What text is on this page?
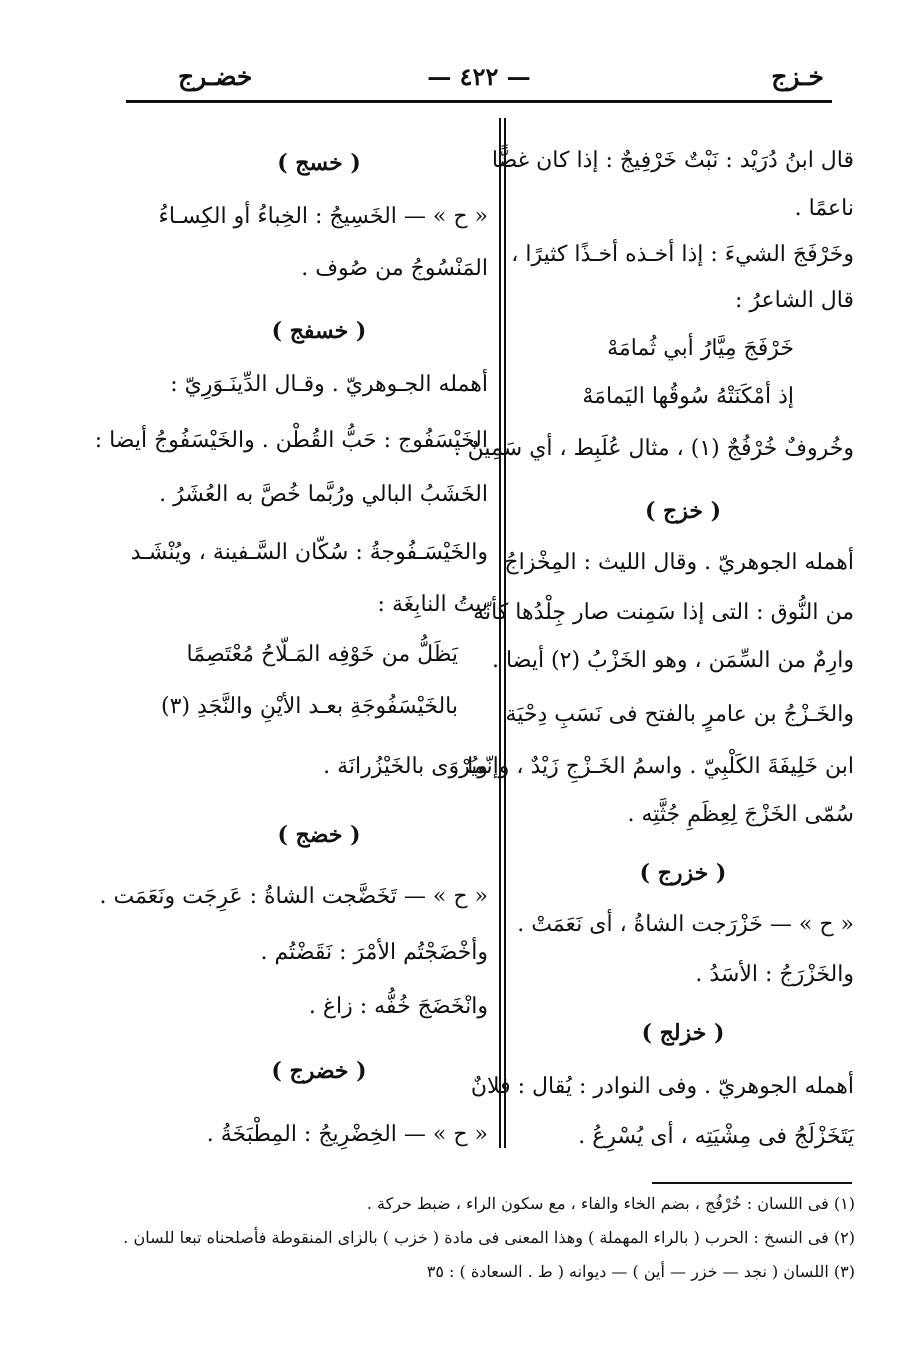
خـزج
— ٤٢٢ —
خضـرج
قال ابنُ دُرَيْد : نَبْتٌ خَرْفِيجٌ : إذا كان غضًّا
ناعمًا .
وخَرْفَجَ الشيءَ : إذا أخـذه أخـذًا كثيرًا ،
قال الشاعرُ :
خَرْفَجَ مِيَّارُ أبي ثُمامَهْ
إذ أمْكَنَتْهُ سُوقُها اليَمامَهْ
وخُروفٌ خُرْفُجٌ (١) ، مثال عُلَبِط ، أي سَمِينٌ .
( خزج )
أهمله الجوهريّ . وقال الليث : المِخْزاجُ
من النُّوق : التى إذا سَمِنت صار جِلْدُها كأنّه
وارِمٌ من السِّمَن ، وهو الخَزْبُ (٢) أيضا .
والخَـزْجُ بن عامرٍ بالفتح فى نَسَبِ دِحْيَة
ابن خَلِيفَةَ الكَلْبِيّ . واسمُ الخَـزْجِ زَيْدٌ ، وإنّما
سُمّى الخَزْجَ لِعِظَمِ جُثَّتِه .
( خزرج )
« ح » — خَزْرَجت الشاةُ ، أى نَعَمَتْ .
والخَزْرَجُ : الأسَدُ .
( خزلج )
أهمله الجوهريّ . وفى النوادر : يُقال : فلانٌ
يَتَخَزْلَجُ فى مِشْيَتِه ، أى يُسْرِعُ .
( خسج )
« ح » — الخَسِيجُ : الخِباءُ أو الكِسـاءُ
المَنْسُوجُ من صُوف .
( خسفج )
أهمله الجـوهريّ . وقـال الدِّينَـوَرِيّ :
الخَيْسَفُوج : حَبُّ القُطْن . والخَيْسَفُوجُ أيضا :
الخَشَبُ البالي ورُبَّما خُصَّ به العُشَرُ .
والخَيْسَـفُوجةُ : سُكّان السَّـفينة ، ويُنْشَـد
بيتُ النابِغَة :
يَظَلُّ من خَوْفِه المَـلّاحُ مُعْتَصِمًا
بالخَيْسَفُوجَةِ بعـد الأيْنِ والنَّجَدِ (٣)
ويُرْوَى بالخَيْزُرانَة .
( خضج )
« ح » — تَخَضَّجت الشاةُ : عَرِجَت ونَعَمَت .
وأخْضَجْتُم الأمْرَ : نَقَضْتُم .
وانْخَضَجَ خُفُّه : زاغ .
( خضرج )
« ح » — الخِضْرِيجُ : المِطْبَخَةُ .
(١) فى اللسان : خُرْفُج ، بضم الخاء والفاء ، مع سكون الراء ، ضبط حركة .
(٢) فى النسخ : الحرب ( بالراء المهملة ) وهذا المعنى فى مادة ( خزب ) بالزاى المنقوطة فأصلحناه تبعا للسان .
(٣) اللسان ( نجد — خزر — أين ) — ديوانه ( ط . السعادة ) : ٣٥
